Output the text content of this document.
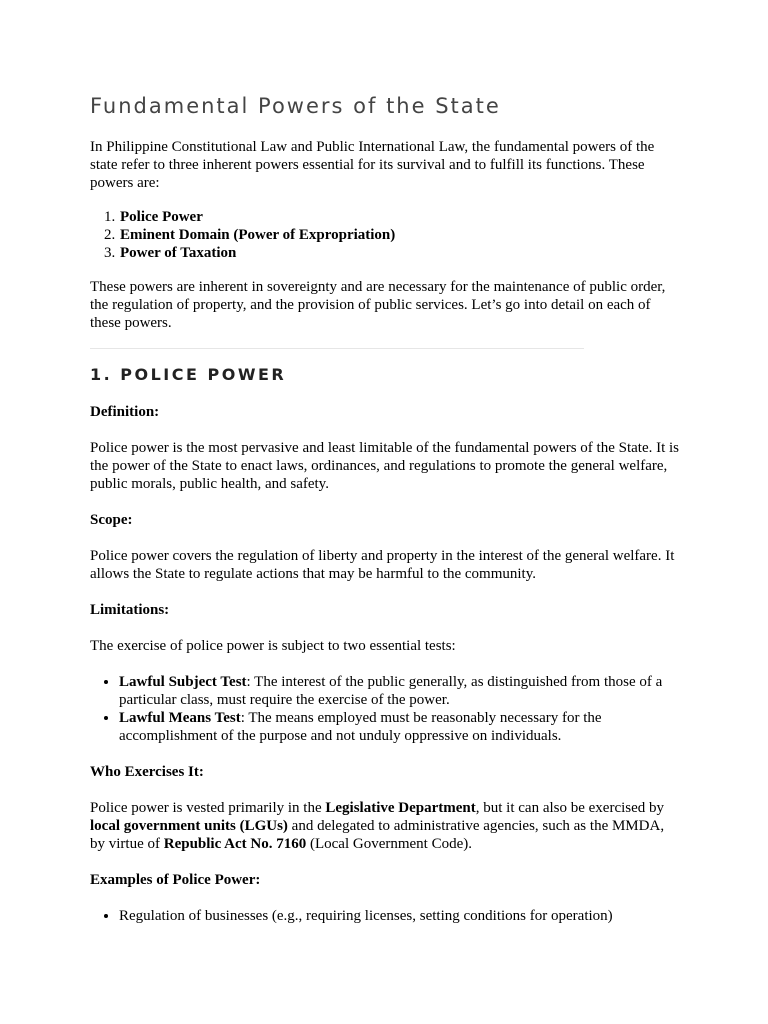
Fundamental Powers of the State

In Philippine Constitutional Law and Public International Law, the fundamental powers of the state refer to three inherent powers essential for its survival and to fulfill its functions. These powers are:

1. Police Power
2. Eminent Domain (Power of Expropriation)
3. Power of Taxation

These powers are inherent in sovereignty and are necessary for the maintenance of public order, the regulation of property, and the provision of public services. Let’s go into detail on each of these powers.

1. POLICE POWER

Definition:

Police power is the most pervasive and least limitable of the fundamental powers of the State. It is the power of the State to enact laws, ordinances, and regulations to promote the general welfare, public morals, public health, and safety.

Scope:

Police power covers the regulation of liberty and property in the interest of the general welfare. It allows the State to regulate actions that may be harmful to the community.

Limitations:

The exercise of police power is subject to two essential tests:

• Lawful Subject Test: The interest of the public generally, as distinguished from those of a particular class, must require the exercise of the power.
• Lawful Means Test: The means employed must be reasonably necessary for the accomplishment of the purpose and not unduly oppressive on individuals.

Who Exercises It:

Police power is vested primarily in the Legislative Department, but it can also be exercised by local government units (LGUs) and delegated to administrative agencies, such as the MMDA, by virtue of Republic Act No. 7160 (Local Government Code).

Examples of Police Power:

• Regulation of businesses (e.g., requiring licenses, setting conditions for operation)
